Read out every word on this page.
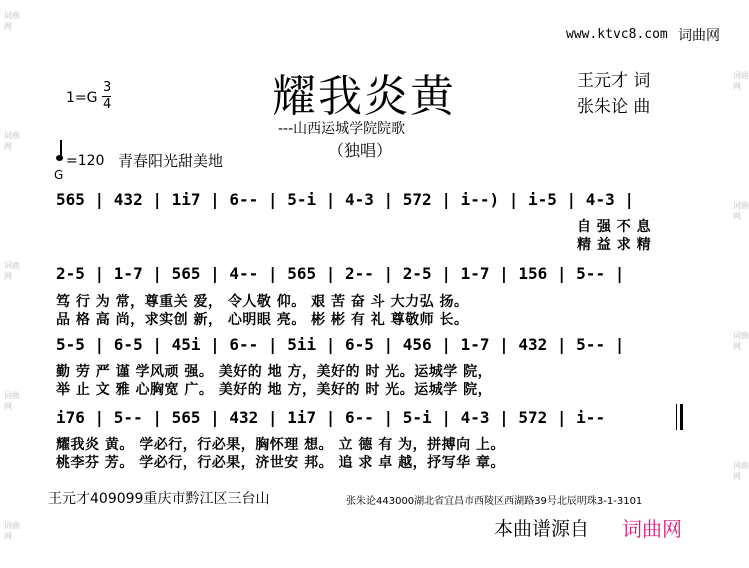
词曲网
词曲网
词曲网
词曲网
词曲网
词曲网
词曲网
词曲网
词曲网
www.ktvc8.com 词曲网
耀我炎黄
---山西运城学院院歌
（独唱）
1=G
3
4
王元才 词
张朱论 曲
=120
G
青春阳光甜美地
565 | 432 | 1i7 | 6-- | 5-i | 4-3 | 572 | i--) | i-5 | 4-3 |
自 强 不 息
精 益 求 精
2-5 | 1-7 | 565 | 4-- | 565 | 2-- | 2-5 | 1-7 | 156 | 5-- |
笃 行 为 常，尊重关 爱， 令人敬 仰。 艰 苦 奋 斗 大力弘 扬。
品 格 高 尚，求实创 新， 心明眼 亮。 彬 彬 有 礼 尊敬师 长。
5-5 | 6-5 | 45i | 6-- | 5ii | 6-5 | 456 | 1-7 | 432 | 5-- |
勤 劳 严 谨 学风顽 强。 美好的 地 方，美好的 时 光。运城学 院，
举 止 文 雅 心胸宽 广。 美好的 地 方，美好的 时 光。运城学 院，
i76 | 5-- | 565 | 432 | 1i7 | 6-- | 5-i | 4-3 | 572 | i--
耀我炎 黄。 学必行，行必果，胸怀理 想。 立 德 有 为，拼搏向 上。
桃李芬 芳。 学必行，行必果，济世安 邦。 追 求 卓 越，抒写华 章。
王元才409099重庆市黔江区三台山	张朱论443000湖北省宜昌市西陵区西湖路39号北辰明珠3-1-3101
本曲谱源自 词曲网
